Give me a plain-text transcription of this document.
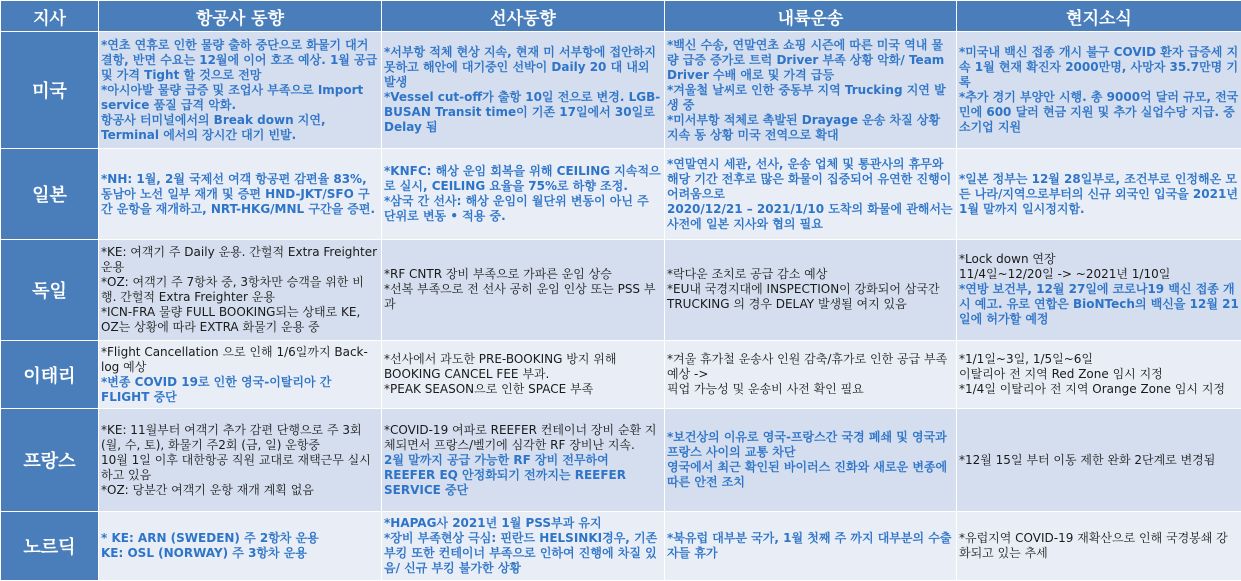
지사	항공사 동향	선사동향	내륙운송	현지소식
미국	*연초 연휴로 인한 물량 출하 중단으로 화물기 대거 결항, 반면 수요는 12월에 이어 호조 예상. 1월 공급 및 가격 Tight 할 것으로 전망
*아시아발 물량 급증 및 조업사 부족으로 Import service 품질 급격 악화.
항공사 터미널에서의 Break down 지연, Terminal 에서의 장시간 대기 빈발.	*서부항 적체 현상 지속, 현재 미 서부항에 접안하지 못하고 해안에 대기중인 선박이 Daily 20 대 내외 발생
*Vessel cut-off가 출항 10일 전으로 변경. LGB-BUSAN Transit time이 기존 17일에서 30일로 Delay 됨	*백신 수송, 연말연초 쇼핑 시즌에 따른 미국 역내 물량 급증 증가로 트럭 Driver 부족 상황 악화/ Team Driver 수배 애로 및 가격 급등
*겨울철 날씨로 인한 중동부 지역 Trucking 지연 발생 중
*미서부항 적체로 촉발된 Drayage 운송 차질 상황 지속 동 상황 미국 전역으로 확대	*미국내 백신 접종 개시 불구 COVID 환자 급증세 지속 1월 현재 확진자 2000만명, 사망자 35.7만명 기록
*추가 경기 부양안 시행. 총 9000억 달러 규모, 전국민에 600 달러 현금 지원 및 추가 실업수당 지급. 중소기업 지원

일본	*NH: 1월, 2월 국제선 여객 항공편 감편율 83%, 동남아 노선 일부 재개 및 증편 HND-JKT/SFO 구간 운항을 재개하고, NRT-HKG/MNL 구간을 증편.	*KNFC: 해상 운임 회복을 위해 CEILING 지속적으로 실시, CEILING 요율을 75%로 하향 조정.
*삼국 간 선사: 해상 운임이 월단위 변동이 아닌 주 단위로 변동 • 적용 중.	*연말연시 세관, 선사, 운송 업체 및 통관사의 휴무와 해당 기간 전후로 많은 화물이 집중되어 유연한 진행이 어려움으로
2020/12/21 – 2021/1/10 도착의 화물에 관해서는 사전에 일본 지사와 협의 필요	*일본 정부는 12월 28일부로, 조건부로 인정해온 모든 나라/지역으로부터의 신규 외국인 입국을 2021년 1월 말까지 일시정지함.

독일	*KE: 여객기 주 Daily 운용. 간헐적 Extra Freighter 운용
*OZ: 여객기 주 7항차 중, 3항차만 승객을 위한 비행. 간헐적 Extra Freighter 운용
*ICN-FRA 물량 FULL BOOKING되는 상태로 KE, OZ는 상황에 따라 EXTRA 화물기 운용 중	*RF CNTR 장비 부족으로 가파른 운임 상승
*선복 부족으로 전 선사 공히 운임 인상 또는 PSS 부과	*락다운 조치로 공급 감소 예상
*EU내 국경지대에 INSPECTION이 강화되어 삼국간 TRUCKING 의 경우 DELAY 발생될 여지 있음	*Lock down 연장
11/4일~12/20일 -> ~2021년 1/10일
*연방 보건부, 12월 27일에 코로나19 백신 접종 개시 예고. 유로 연합은 BioNTech의 백신을 12월 21일에 허가할 예정

이태리	*Flight Cancellation 으로 인해 1/6일까지 Back-log 예상
*변종 COVID 19로 인한 영국-이탈리아 간 FLIGHT 중단	*선사에서 과도한 PRE-BOOKING 방지 위해 BOOKING CANCEL FEE 부과.
*PEAK SEASON으로 인한 SPACE 부족	*겨울 휴가철 운송사 인원 감축/휴가로 인한 공급 부족 예상 ->
픽업 가능성 및 운송비 사전 확인 필요	*1/1일~3일, 1/5일~6일
이탈리아 전 지역 Red Zone 임시 지정
*1/4일 이탈리아 전 지역 Orange Zone 임시 지정

프랑스	*KE: 11월부터 여객기 추가 감편 단행으로 주 3회 (월, 수, 토), 화물기 주2회 (금, 일) 운항중
10월 1일 이후 대한항공 직원 교대로 재택근무 실시하고 있음
*OZ: 당분간 여객기 운항 재개 계획 없음	*COVID-19 여파로 REEFER 컨테이너 장비 순환 지체되면서 프랑스/벨기에 심각한 RF 장비난 지속.
2월 말까지 공급 가능한 RF 장비 전무하여 REEFER EQ 안정화되기 전까지는 REEFER SERVICE 중단	*보건상의 이유로 영국-프랑스간 국경 폐쇄 및 영국과 프랑스 사이의 교통 차단
영국에서 최근 확인된 바이러스 진화와 새로운 변종에 따른 안전 조치	*12월 15일 부터 이동 제한 완화 2단계로 변경됨

노르딕	* KE: ARN (SWEDEN) 주 2항차 운용
KE: OSL (NORWAY) 주 3항차 운용	*HAPAG사 2021년 1월 PSS부과 유지
*장비 부족현상 극심: 핀란드 HELSINKI경우, 기존 부킹 또한 컨테이너 부족으로 인하여 진행에 차질 있음/ 신규 부킹 불가한 상황	*북유럽 대부분 국가, 1월 첫째 주 까지 대부분의 수출자들 휴가	*유럽지역 COVID-19 재확산으로 인해 국경봉쇄 강화되고 있는 추세
